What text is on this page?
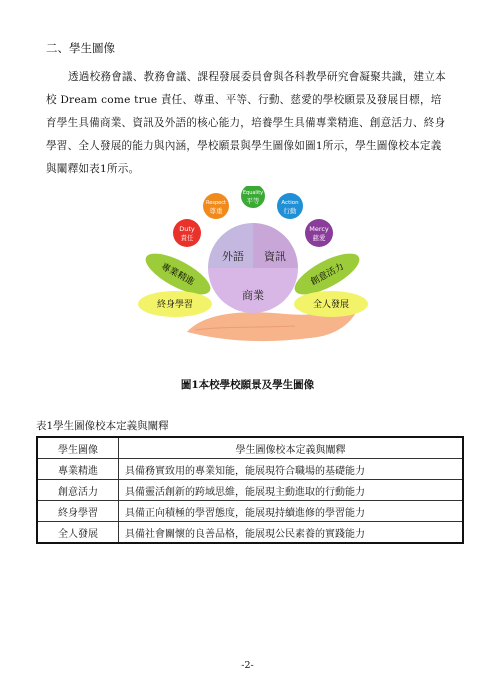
二、學生圖像
透過校務會議、教務會議、課程發展委員會與各科教學研究會凝聚共識，建立本校 Dream come true 責任、尊重、平等、行動、慈愛的學校願景及發展目標，培育學生具備商業、資訊及外語的核心能力，培養學生具備專業精進、創意活力、終身學習、全人發展的能力與內涵，學校願景與學生圖像如圖1所示，學生圖像校本定義與闡釋如表1所示。
專業精進
終身學習
創意活力
全人發展
外語 資訊
商業
Duty
責任
Respect
尊重
Equality
平等	Action
行動
Mercy
慈愛
圖1本校學校願景及學生圖像
表1學生圖像校本定義與闡釋
學生圖像	學生圖像校本定義與闡釋
專業精進	具備務實致用的專業知能，能展現符合職場的基礎能力
創意活力	具備靈活創新的跨域思維，能展現主動進取的行動能力
終身學習	具備正向積極的學習態度，能展現持續進修的學習能力
全人發展	具備社會關懷的良善品格，能展現公民素養的實踐能力
-2-
